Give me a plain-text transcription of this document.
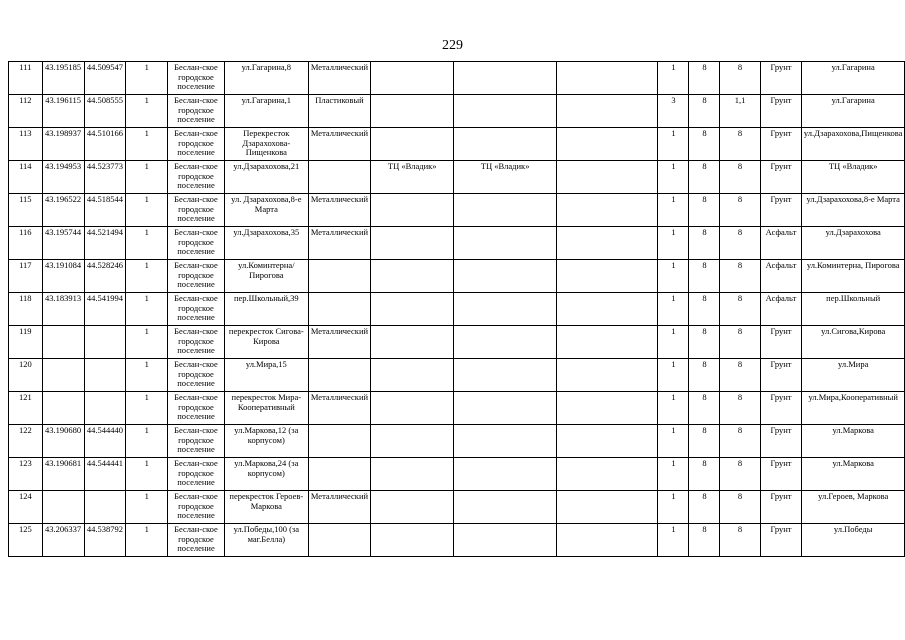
229
111	43.195185	44.509547	1	Беслан-ское городское поселение	ул.Гагарина,8	Металлический				1	8	8	Грунт	ул.Гагарина
112	43.196115	44.508555	1	Беслан-ское городское поселение	ул.Гагарина,1	Пластиковый				3	8	1,1	Грунт	ул.Гагарина
113	43.198937	44.510166	1	Беслан-ское городское поселение	Перекресток Дзарахохова-Пищенкова	Металлический				1	8	8	Грунт	ул.Дзарахохова,Пищенкова
114	43.194953	44.523773	1	Беслан-ское городское поселение	ул.Дзарахохова,21		ТЦ «Владик»	ТЦ «Владик»		1	8	8	Грунт	ТЦ «Владик»
115	43.196522	44.518544	1	Беслан-ское городское поселение	ул. Дзарахохова,8-е Марта	Металлический				1	8	8	Грунт	ул.Дзарахохова,8-е Марта
116	43.195744	44.521494	1	Беслан-ское городское поселение	ул.Дзарахохова,35	Металлический				1	8	8	Асфальт	ул.Дзарахохова
117	43.191084	44.528246	1	Беслан-ское городское поселение	ул.Коминтерна/Пирогова					1	8	8	Асфальт	ул.Коминтерна, Пирогова
118	43.183913	44.541994	1	Беслан-ское городское поселение	пер.Школьный,39					1	8	8	Асфальт	пер.Школьный
119			1	Беслан-ское городское поселение	перекресток Сигова-Кирова	Металлический				1	8	8	Грунт	ул.Сигова,Кирова
120			1	Беслан-ское городское поселение	ул.Мира,15					1	8	8	Грунт	ул.Мира
121			1	Беслан-ское городское поселение	перекресток Мира-Кооперативный	Металлический				1	8	8	Грунт	ул.Мира,Кооперативный
122	43.190680	44.544440	1	Беслан-ское городское поселение	ул.Маркова,12 (за корпусом)					1	8	8	Грунт	ул.Маркова
123	43.190681	44.544441	1	Беслан-ское городское поселение	ул.Маркова,24 (за корпусом)					1	8	8	Грунт	ул.Маркова
124			1	Беслан-ское городское поселение	перекресток Героев-Маркова	Металлический				1	8	8	Грунт	ул.Героев, Маркова
125	43.206337	44.538792	1	Беслан-ское городское поселение	ул.Победы,100 (за маг.Белла)					1	8	8	Грунт	ул.Победы
